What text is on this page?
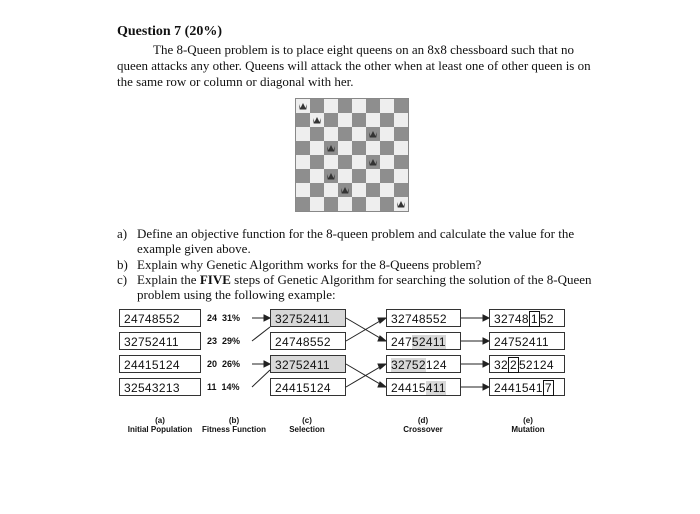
Question 7 (20%)
The 8-Queen problem is to place eight queens on an 8x8 chessboard such that no queen attacks any other. Queens will attack the other when at least one of other queen is on the same row or column or diagonal with her.
a) Define an objective function for the 8-queen problem and calculate the value for the example given above.
b) Explain why Genetic Algorithm works for the 8-Queens problem?
c) Explain the FIVE steps of Genetic Algorithm for searching the solution of the 8-Queen problem using the following example:
24748552
32752411
24415124
32543213
24 31%
23 29%
20 26%
11 14%
32752411
24748552
32752411
24415124
32748552
24752411
32752124
24415411
32748 1 52
24752411
32 2 52124
2441541 7
(a)
Initial Population
(b)
Fitness Function
(c)
Selection
(d)
Crossover
(e)
Mutation
